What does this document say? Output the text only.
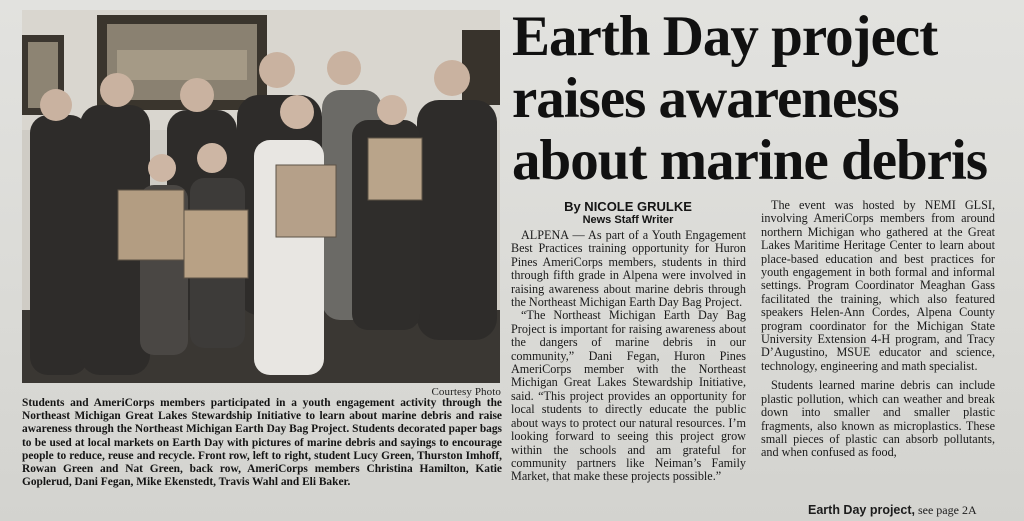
Courtesy Photo
Students and AmeriCorps members participated in a youth engagement activity through the Northeast Michigan Great Lakes Stewardship Initiative to learn about marine debris and raise awareness through the Northeast Michigan Earth Day Bag Project. Students decorated paper bags to be used at local markets on Earth Day with pictures of marine debris and sayings to encourage people to reduce, reuse and recycle. Front row, left to right, student Lucy Green, Thurston Imhoff, Rowan Green and Nat Green, back row, AmeriCorps members Christina Hamilton, Katie Goplerud, Dani Fegan, Mike Ekenstedt, Travis Wahl and Eli Baker.
Earth Day project
raises awareness
about marine debris
By NICOLE GRULKE
News Staff Writer

ALPENA — As part of a Youth Engagement Best Practices training opportunity for Huron Pines AmeriCorps members, students in third through fifth grade in Alpena were involved in raising awareness about marine debris through the Northeast Michigan Earth Day Bag Project.

“The Northeast Michigan Earth Day Bag Project is important for raising awareness about the dangers of marine debris in our community,” Dani Fegan, Huron Pines AmeriCorps member with the Northeast Michigan Great Lakes Stewardship Initiative, said. “This project provides an opportunity for local students to directly educate the public about ways to protect our natural resources. I’m looking forward to seeing this project grow within the schools and am grateful for community partners like Neiman’s Family Market, that make these projects possible.”

The event was hosted by NEMI GLSI, involving AmeriCorps members from around northern Michigan who gathered at the Great Lakes Maritime Heritage Center to learn about place-based education and best practices for youth engagement in both formal and informal settings. Program Coordinator Meaghan Gass facilitated the training, which also featured speakers Helen-Ann Cordes, Alpena County program coordinator for the Michigan State University Extension 4-H program, and Tracy D’Augustino, MSUE educator and science, technology, engineering and math specialist.

Students learned marine debris can include plastic pollution, which can weather and break down into smaller and smaller plastic fragments, also known as microplastics. These small pieces of plastic can absorb pollutants, and when confused as food,

Earth Day project, see page 2A
